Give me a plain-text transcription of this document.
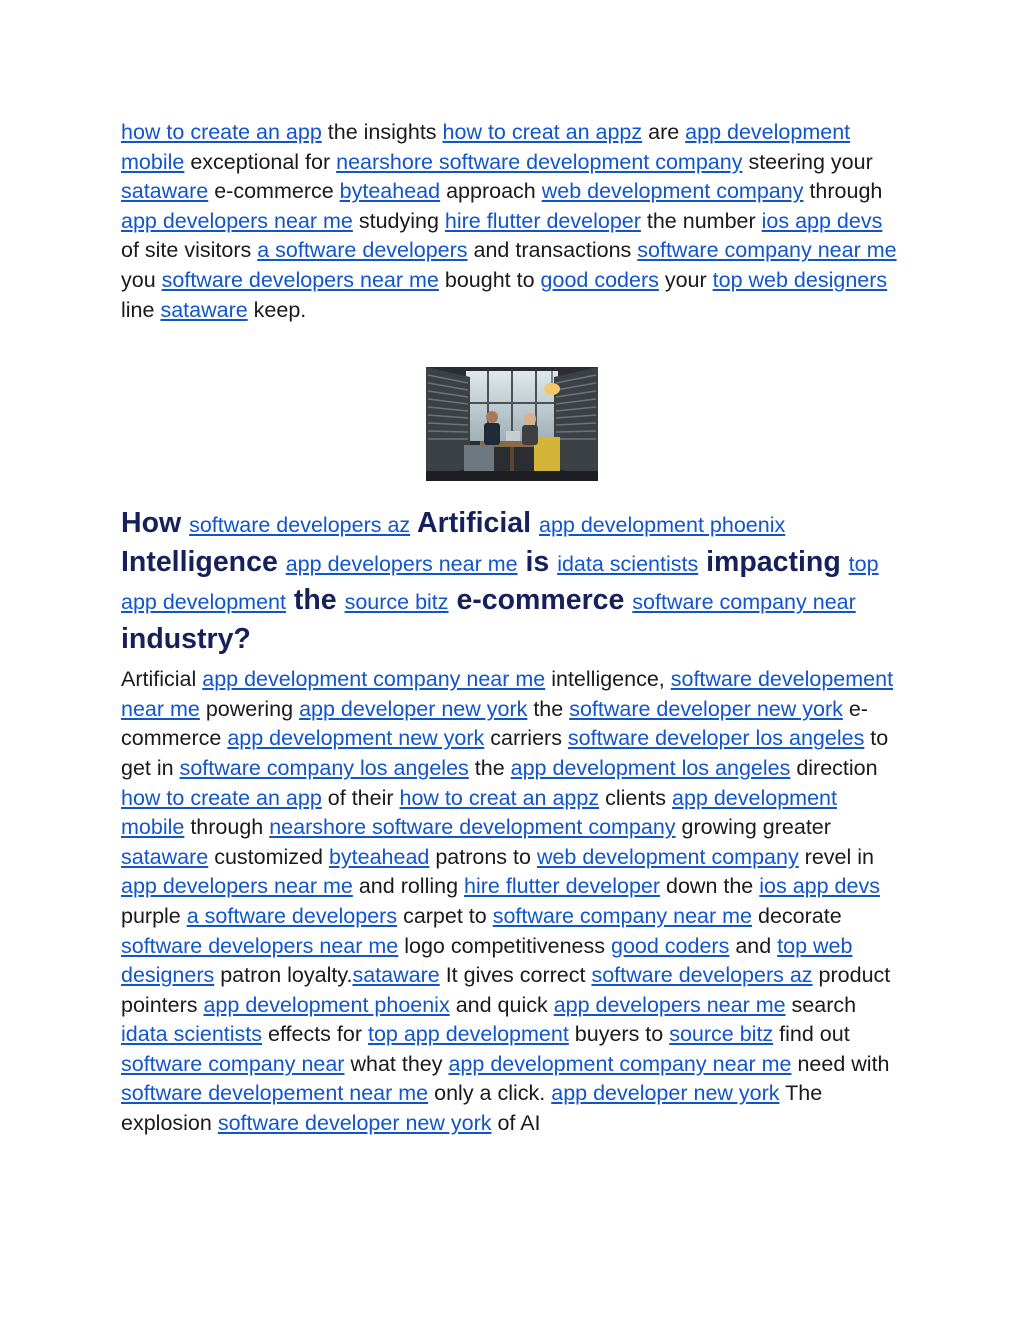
how to create an app the insights how to creat an appz are app development mobile exceptional for nearshore software development company steering your sataware e-commerce byteahead approach web development company through app developers near me studying hire flutter developer the number ios app devs of site visitors a software developers and transactions software company near me you software developers near me bought to good coders your top web designers line sataware keep.

How software developers az Artificial app development phoenix Intelligence app developers near me is idata scientists impacting top app development the source bitz e-commerce software company near industry?

Artificial app development company near me intelligence, software developement near me powering app developer new york the software developer new york e-commerce app development new york carriers software developer los angeles to get in software company los angeles the app development los angeles direction how to create an app of their how to creat an appz clients app development mobile through nearshore software development company growing greater sataware customized byteahead patrons to web development company revel in app developers near me and rolling hire flutter developer down the ios app devs purple a software developers carpet to software company near me decorate software developers near me logo competitiveness good coders and top web designers patron loyalty.sataware It gives correct software developers az product pointers app development phoenix and quick app developers near me search idata scientists effects for top app development buyers to source bitz find out software company near what they app development company near me need with software developement near me only a click. app developer new york The explosion software developer new york of AI
